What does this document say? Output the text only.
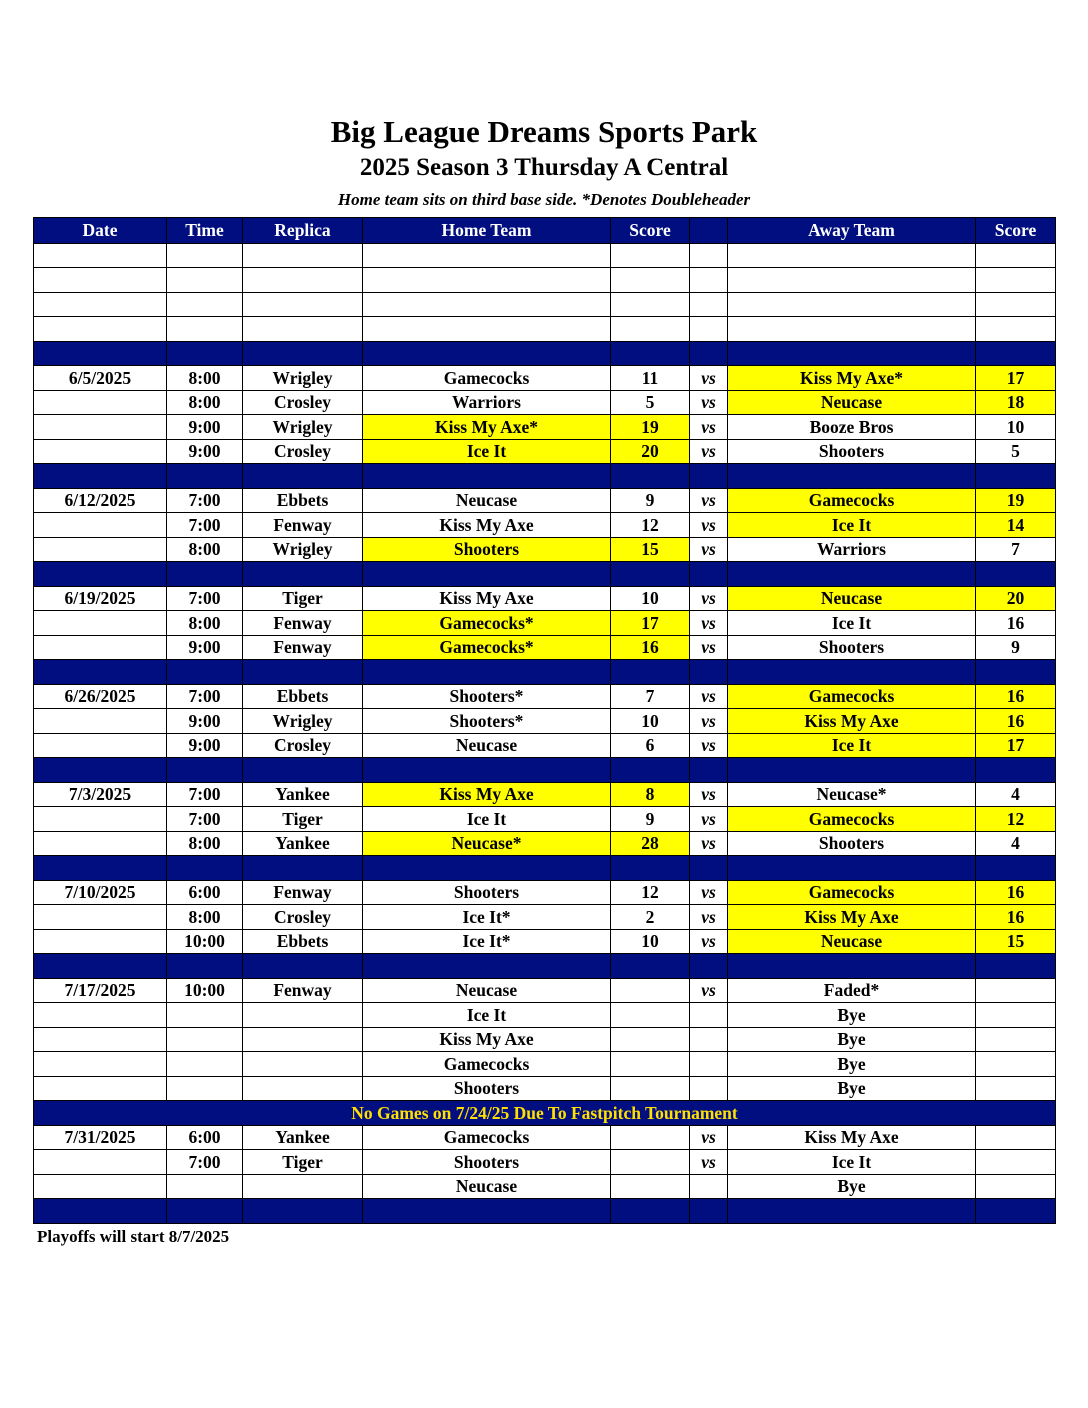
Big League Dreams Sports Park
2025 Season 3 Thursday A Central
Home team sits on third base side. *Denotes Doubleheader
Date	Time	Replica	Home Team	Score		Away Team	Score

6/5/2025	8:00	Wrigley	Gamecocks	11	vs	Kiss My Axe*	17
	8:00	Crosley	Warriors	5	vs	Neucase	18
	9:00	Wrigley	Kiss My Axe*	19	vs	Booze Bros	10
	9:00	Crosley	Ice It	20	vs	Shooters	5

6/12/2025	7:00	Ebbets	Neucase	9	vs	Gamecocks	19
	7:00	Fenway	Kiss My Axe	12	vs	Ice It	14
	8:00	Wrigley	Shooters	15	vs	Warriors	7

6/19/2025	7:00	Tiger	Kiss My Axe	10	vs	Neucase	20
	8:00	Fenway	Gamecocks*	17	vs	Ice It	16
	9:00	Fenway	Gamecocks*	16	vs	Shooters	9

6/26/2025	7:00	Ebbets	Shooters*	7	vs	Gamecocks	16
	9:00	Wrigley	Shooters*	10	vs	Kiss My Axe	16
	9:00	Crosley	Neucase	6	vs	Ice It	17

7/3/2025	7:00	Yankee	Kiss My Axe	8	vs	Neucase*	4
	7:00	Tiger	Ice It	9	vs	Gamecocks	12
	8:00	Yankee	Neucase*	28	vs	Shooters	4

7/10/2025	6:00	Fenway	Shooters	12	vs	Gamecocks	16
	8:00	Crosley	Ice It*	2	vs	Kiss My Axe	16
	10:00	Ebbets	Ice It*	10	vs	Neucase	15

7/17/2025	10:00	Fenway	Neucase		vs	Faded*	
			Ice It			Bye	
			Kiss My Axe			Bye	
			Gamecocks			Bye	
			Shooters			Bye	
No Games on 7/24/25 Due To Fastpitch Tournament							
7/31/2025	6:00	Yankee	Gamecocks		vs	Kiss My Axe	
	7:00	Tiger	Shooters		vs	Ice It	
			Neucase			Bye	

Playoffs will start 8/7/2025
